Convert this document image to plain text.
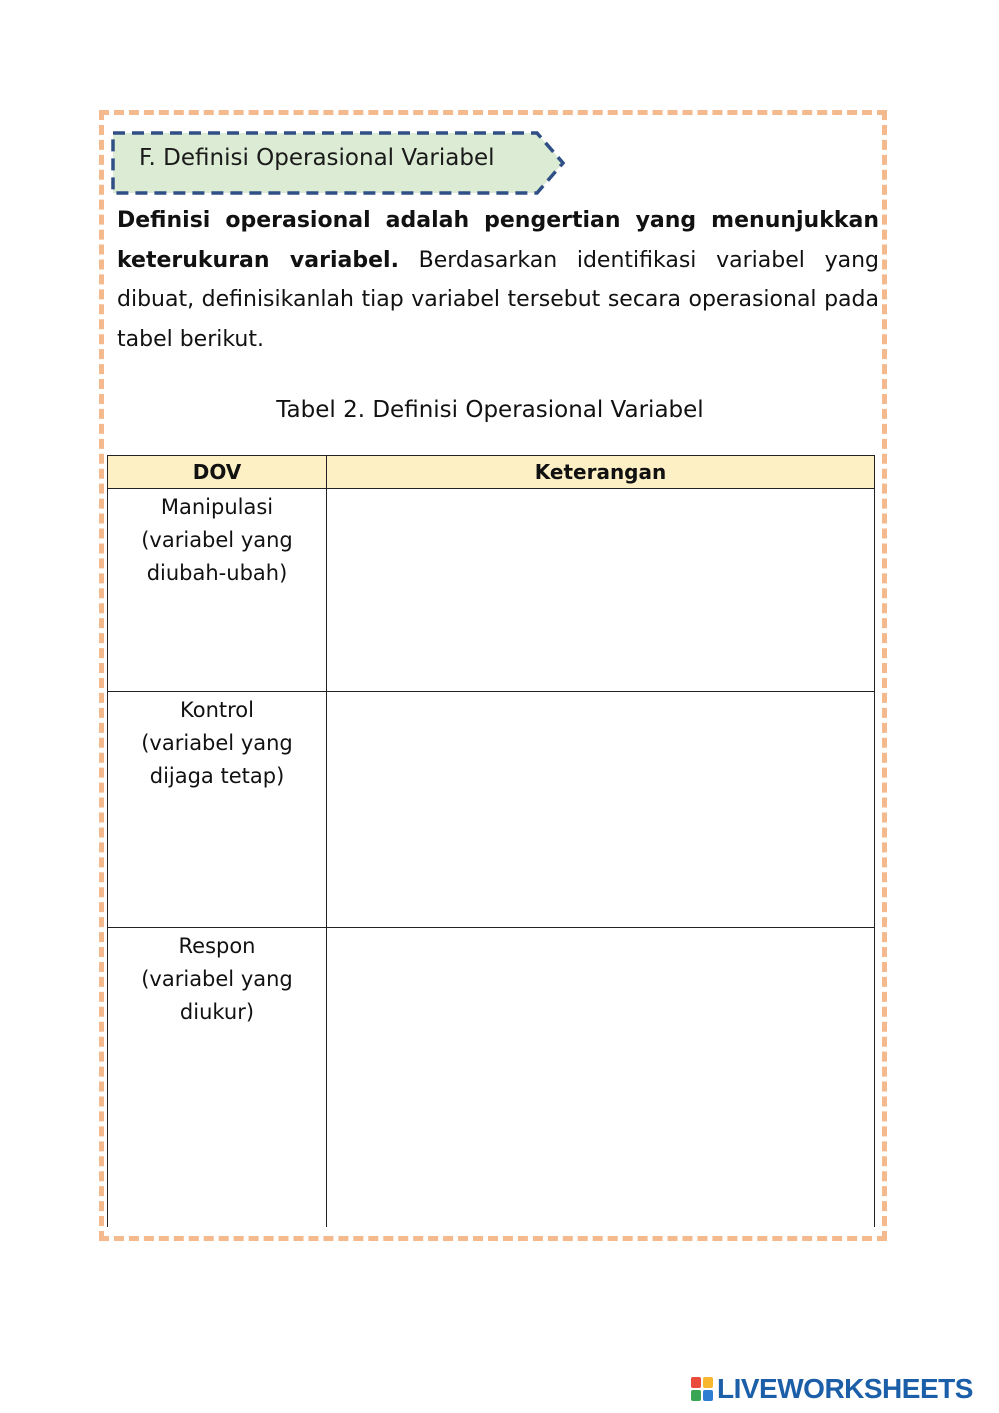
F. Definisi Operasional Variabel
Definisi operasional adalah pengertian yang menunjukkan keterukuran variabel. Berdasarkan identifikasi variabel yang dibuat, definisikanlah tiap variabel tersebut secara operasional pada tabel berikut.
Tabel 2. Definisi Operasional Variabel
DOV	Keterangan

Manipulasi
(variabel yang
diubah-ubah)

Kontrol
(variabel yang
dijaga tetap)

Respon
(variabel yang
diukur)

LIVEWORKSHEETS
